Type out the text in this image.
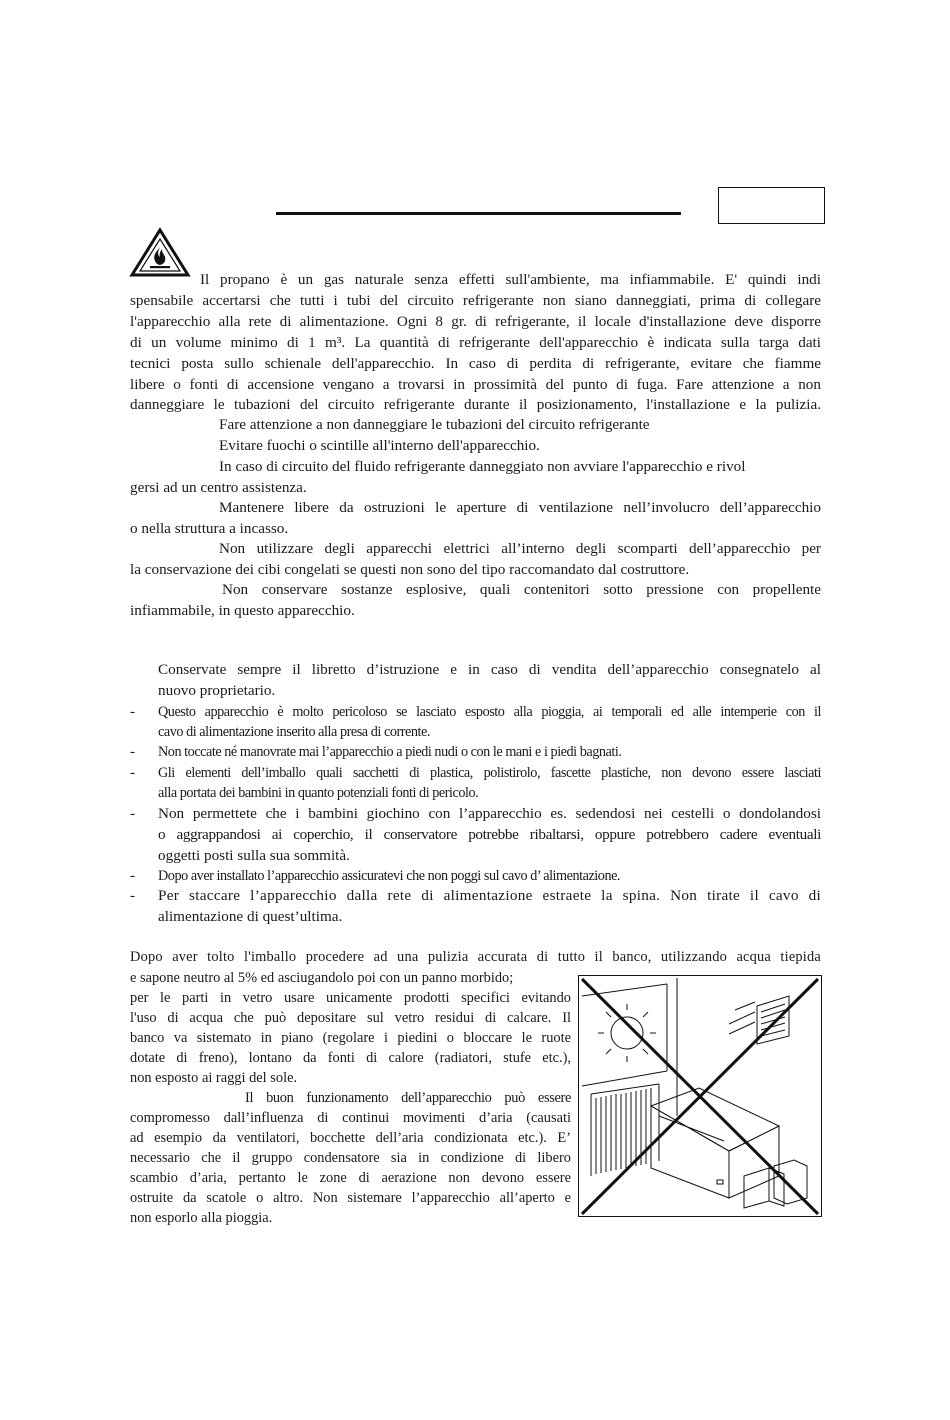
Il propano è un gas naturale senza effetti sull'ambiente, ma infiammabile. E' quindi indi
spensabile accertarsi che tutti i tubi del circuito refrigerante non siano danneggiati, prima di collegare
l'apparecchio alla rete di alimentazione. Ogni 8 gr. di refrigerante, il locale d'installazione deve disporre
di un volume minimo di 1 m³. La quantità di refrigerante dell'apparecchio è indicata sulla targa dati
tecnici posta sullo schienale dell'apparecchio. In caso di perdita di refrigerante, evitare che fiamme
libere o fonti di accensione vengano a trovarsi in prossimità del punto di fuga. Fare attenzione a non
danneggiare le tubazioni del circuito refrigerante durante il posizionamento, l'installazione e la pulizia.
Fare attenzione a non danneggiare le tubazioni del circuito refrigerante
Evitare fuochi o scintille all'interno dell'apparecchio.
In caso di circuito del fluido refrigerante danneggiato non avviare l'apparecchio e rivol
gersi ad un centro assistenza.
Mantenere libere da ostruzioni le aperture di ventilazione nell’involucro dell’apparecchio
o nella struttura a incasso.
Non utilizzare degli apparecchi elettrici all’interno degli scomparti dell’apparecchio per
la conservazione dei cibi congelati se questi non sono del tipo raccomandato dal costruttore.
Non conservare sostanze esplosive, quali contenitori sotto pressione con propellente
infiammabile, in questo apparecchio.
Conservate sempre il libretto d’istruzione e in caso di vendita dell’apparecchio consegnatelo al
nuovo proprietario.
-	Questo apparecchio è molto pericoloso se lasciato esposto alla pioggia, ai temporali ed alle intemperie con il
cavo di alimentazione inserito alla presa di corrente.
-	Non toccate né manovrate mai l’apparecchio a piedi nudi o con le mani e i piedi bagnati.
-	Gli elementi dell’imballo quali sacchetti di plastica, polistirolo, fascette plastiche, non devono essere lasciati
alla portata dei bambini in quanto potenziali fonti di pericolo.
-	Non permettete che i bambini giochino con l’apparecchio es. sedendosi nei cestelli o dondolandosi
o aggrappandosi ai coperchio, il conservatore potrebbe ribaltarsi, oppure potrebbero cadere eventuali
oggetti posti sulla sua sommità.
-	Dopo aver installato l’apparecchio assicuratevi che non poggi sul cavo d’ alimentazione.
-	Per staccare l’apparecchio dalla rete di alimentazione estraete la spina. Non tirate il cavo di
alimentazione di quest’ultima.
Dopo aver tolto l'imballo procedere ad una pulizia accurata di tutto il banco, utilizzando acqua tiepida
e sapone neutro al 5% ed asciugandolo poi con un panno morbido;
per le parti in vetro usare unicamente prodotti specifici evitando
l'uso di acqua che può depositare sul vetro residui di calcare. Il
banco va sistemato in piano (regolare i piedini o bloccare le ruote
dotate di freno), lontano da fonti di calore (radiatori, stufe etc.),
non esposto ai raggi del sole.
Il buon funzionamento dell’apparecchio può essere
compromesso dall’influenza di continui movimenti d’aria (causati
ad esempio da ventilatori, bocchette dell’aria condizionata etc.). E’
necessario che il gruppo condensatore sia in condizione di libero
scambio d’aria, pertanto le zone di aerazione non devono essere
ostruite da scatole o altro. Non sistemare l’apparecchio all’aperto e
non esporlo alla pioggia.
